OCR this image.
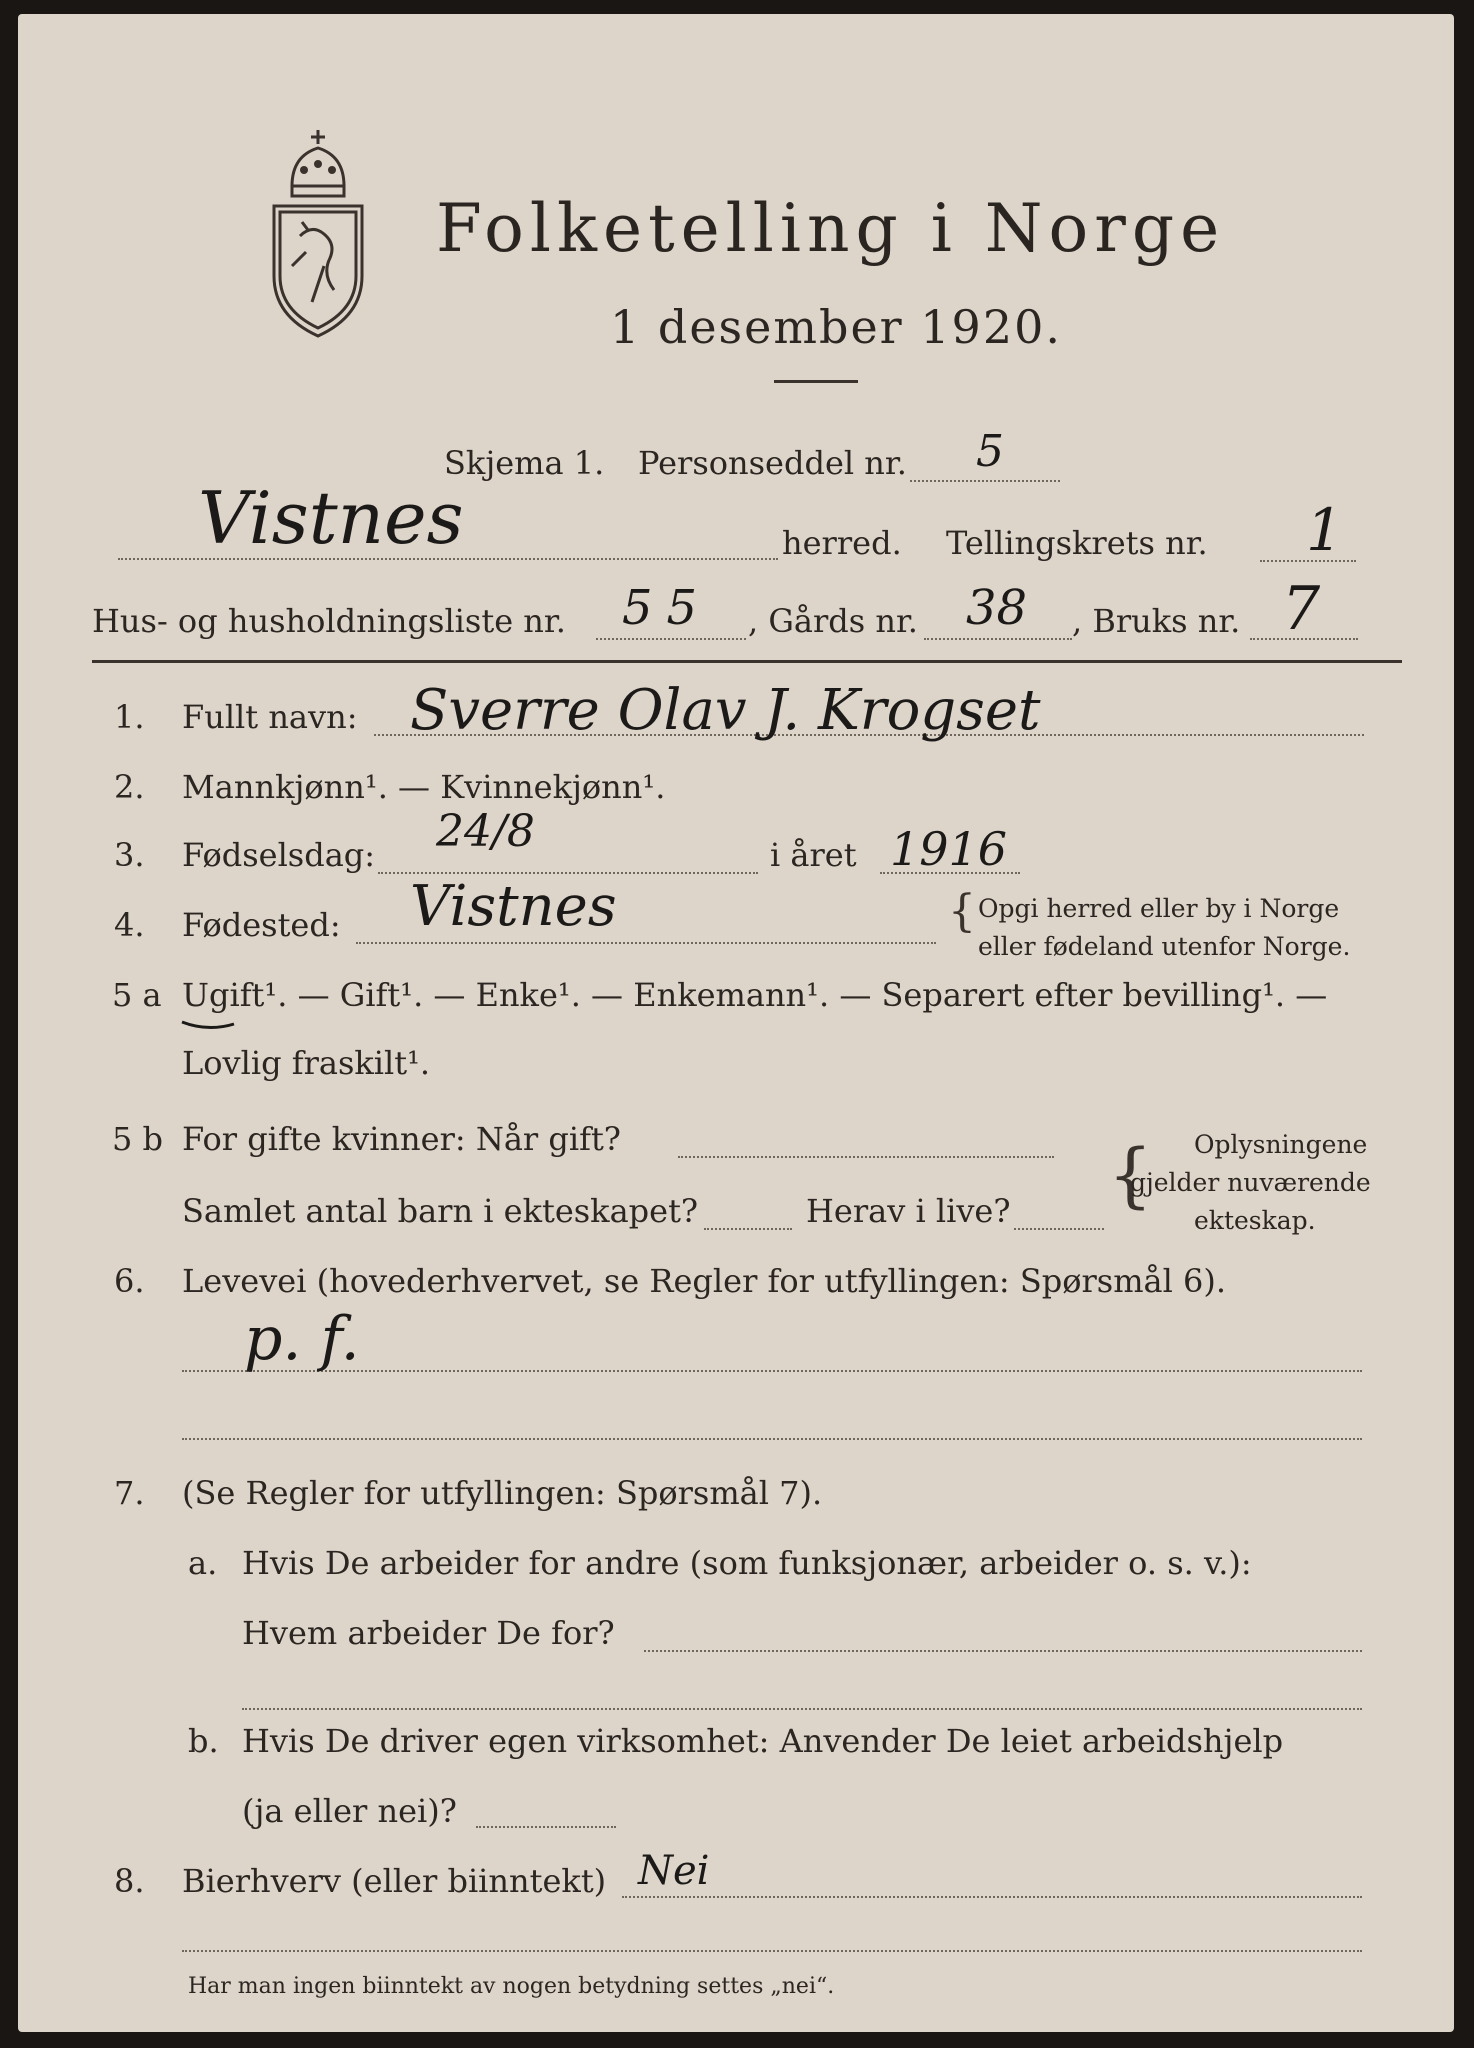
Folketelling i Norge
1 desember 1920.
Skjema 1. Personseddel nr. 5
Vistnes	herred. Tellingskrets nr. 1
Hus- og husholdningsliste nr. 55 , Gårds nr. 38 , Bruks nr. 7
1. Fullt navn: Sverre Olav J. Krogset
2. Mannkjønn¹. — Kvinnekjønn¹.
3. Fødselsdag: 24/8	i året 1916
4. Fødested: Vistnes	{ Opgi herred eller by i Norge
eller fødeland utenfor Norge.
5 a Ugift¹. — Gift¹. — Enke¹. — Enkemann¹. — Separert efter bevilling¹. —
Lovlig fraskilt¹.
5 b For gifte kvinner: Når gift?
Samlet antal barn i ekteskapet?	Herav i live? { Oplysningene
gjelder nuværende
ekteskap.
6. Levevei (hovederhvervet, se Regler for utfyllingen: Spørsmål 6).
p. f.
7. (Se Regler for utfyllingen: Spørsmål 7).
a. Hvis De arbeider for andre (som funksjonær, arbeider o. s. v.):
Hvem arbeider De for?
b. Hvis De driver egen virksomhet: Anvender De leiet arbeidshjelp
(ja eller nei)?
8. Bierhverv (eller biinntekt) Nei
Har man ingen biinntekt av nogen betydning settes „nei“.
